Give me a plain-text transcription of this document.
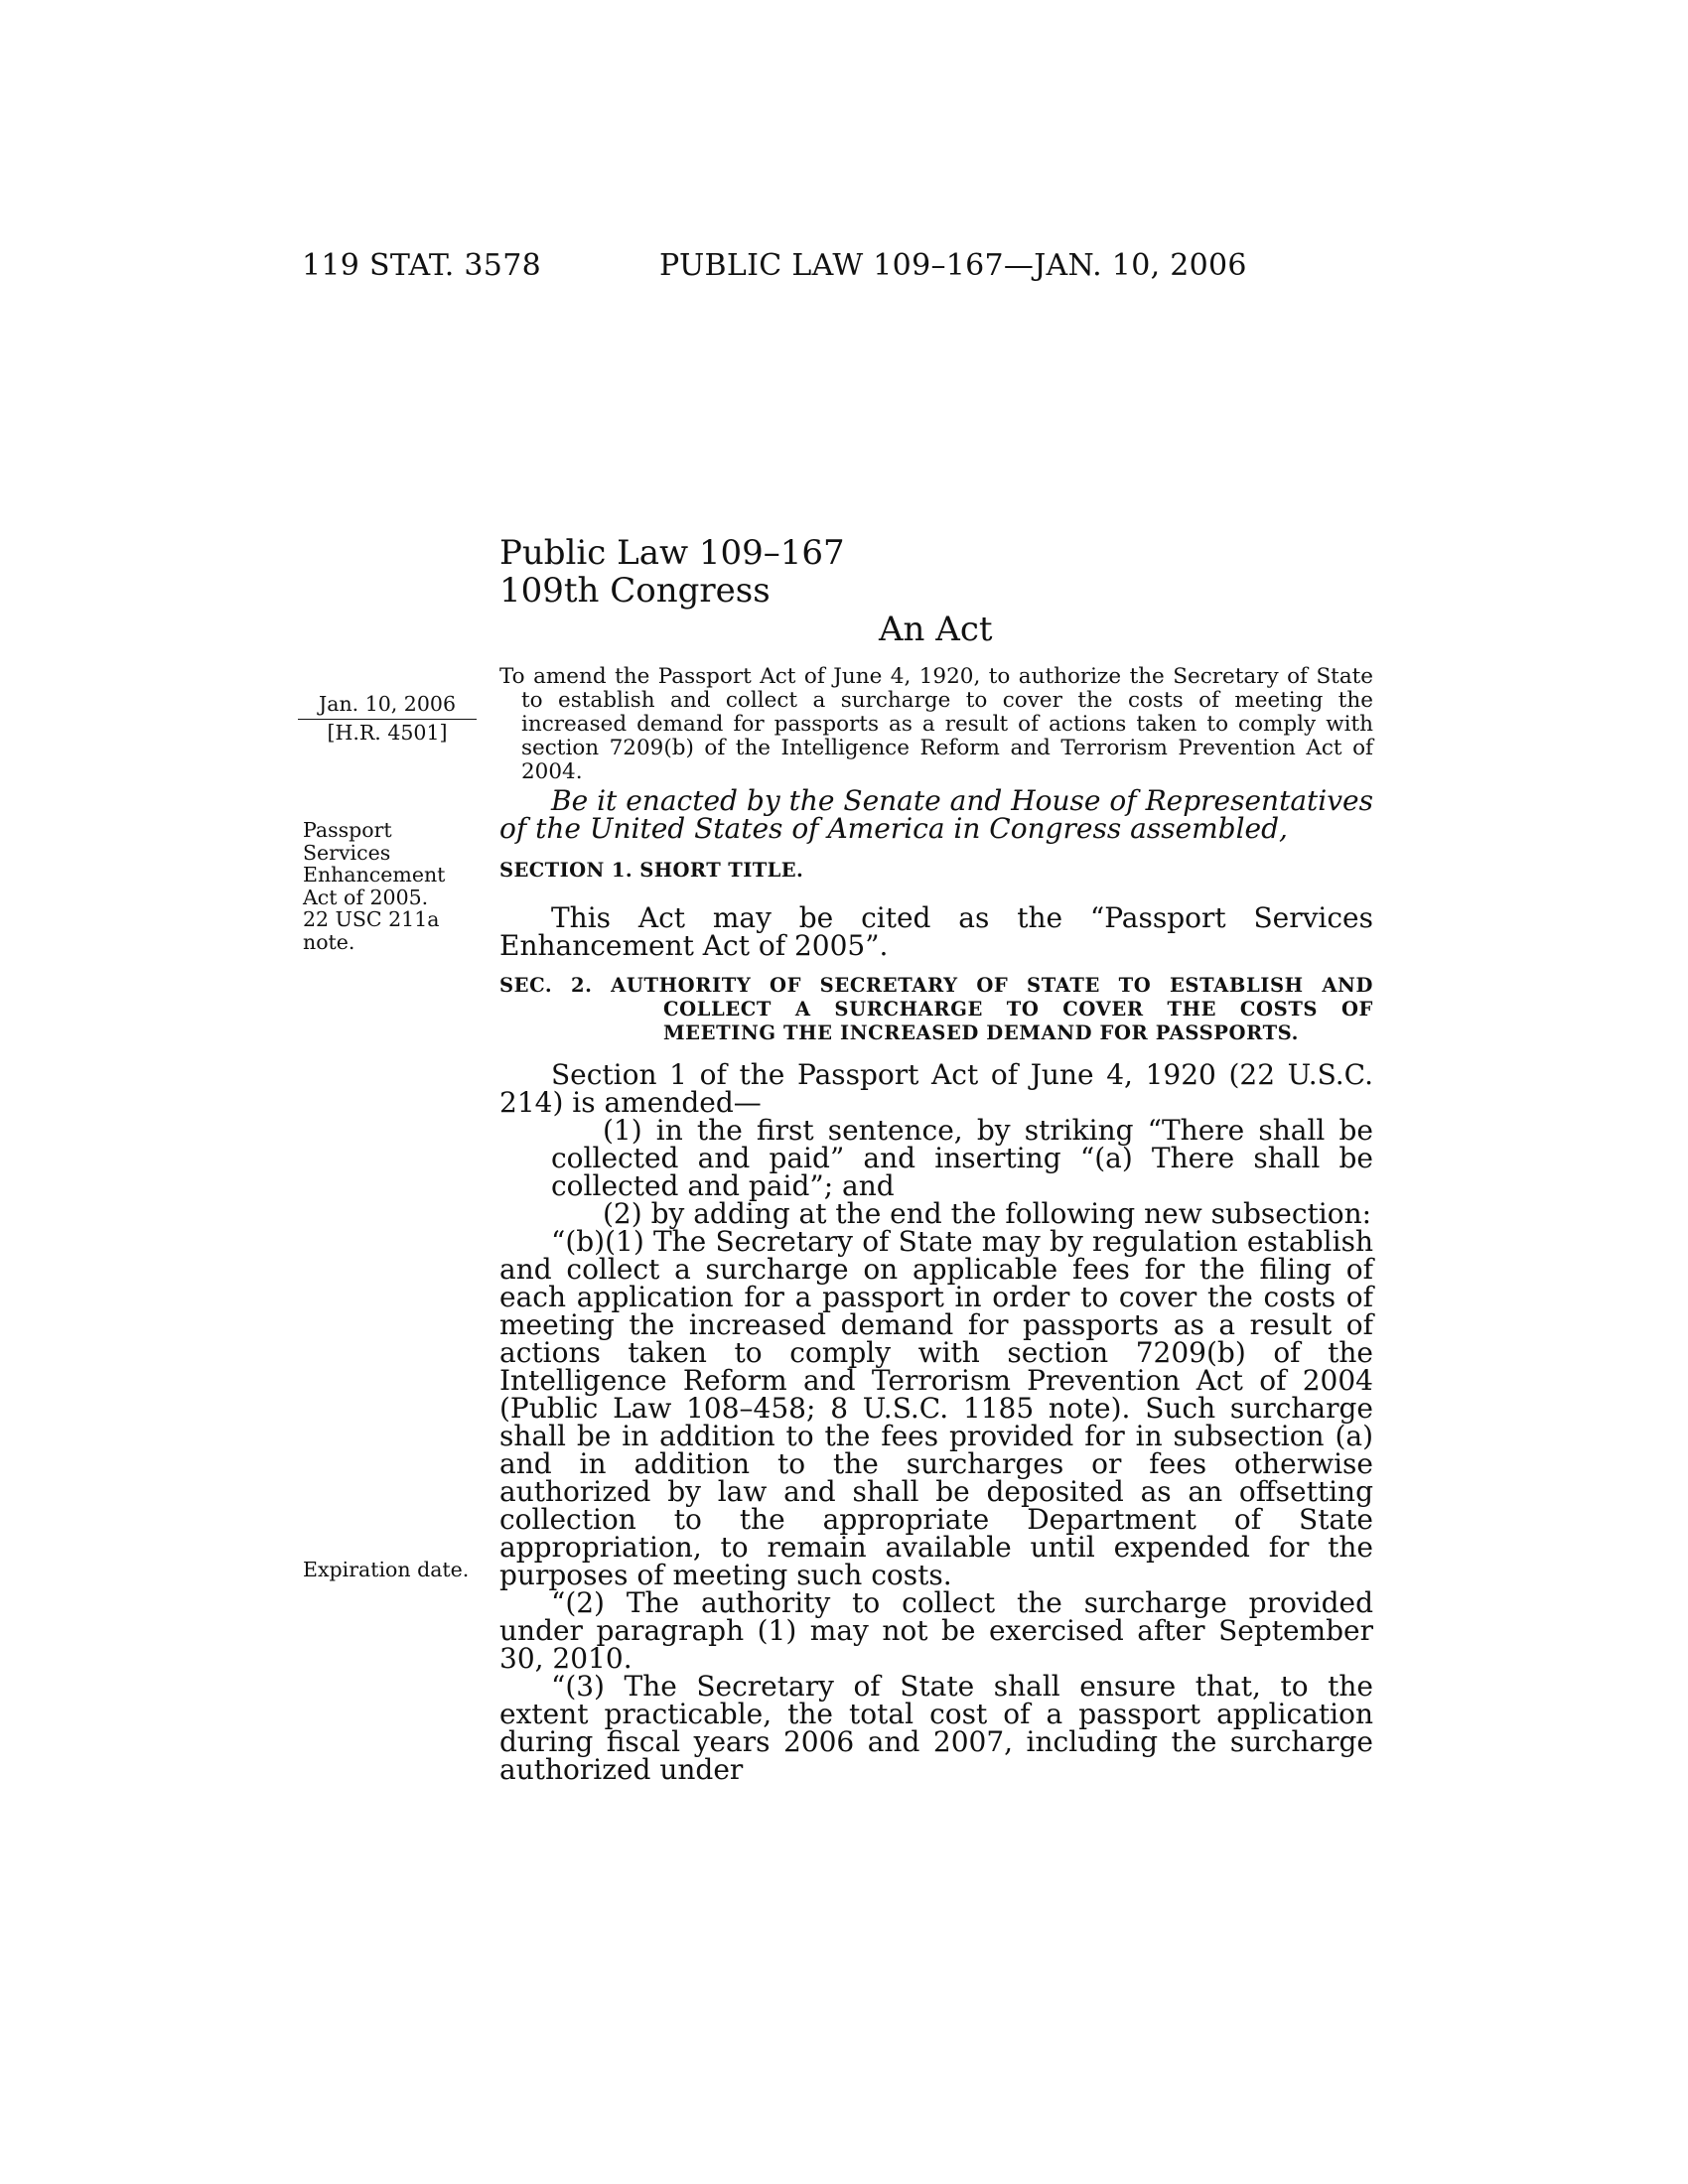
119 STAT. 3578	PUBLIC LAW 109–167—JAN. 10, 2006
Public Law 109–167
109th Congress
An Act
To amend the Passport Act of June 4, 1920, to authorize the Secretary of State to establish and collect a surcharge to cover the costs of meeting the increased demand for passports as a result of actions taken to comply with section 7209(b) of the Intelligence Reform and Terrorism Prevention Act of 2004.
Jan. 10, 2006
[H.R. 4501]
Passport Services Enhancement Act of 2005.
22 USC 211a note.
Expiration date.

Be it enacted by the Senate and House of Representatives of the United States of America in Congress assembled,

SECTION 1. SHORT TITLE.

This Act may be cited as the “Passport Services Enhancement Act of 2005”.

SEC. 2. AUTHORITY OF SECRETARY OF STATE TO ESTABLISH AND COLLECT A SURCHARGE TO COVER THE COSTS OF MEETING THE INCREASED DEMAND FOR PASSPORTS.

Section 1 of the Passport Act of June 4, 1920 (22 U.S.C. 214) is amended—

(1) in the first sentence, by striking “There shall be collected and paid” and inserting “(a) There shall be collected and paid”; and

(2) by adding at the end the following new subsection:

“(b)(1) The Secretary of State may by regulation establish and collect a surcharge on applicable fees for the filing of each application for a passport in order to cover the costs of meeting the increased demand for passports as a result of actions taken to comply with section 7209(b) of the Intelligence Reform and Terrorism Prevention Act of 2004 (Public Law 108–458; 8 U.S.C. 1185 note). Such surcharge shall be in addition to the fees provided for in subsection (a) and in addition to the surcharges or fees otherwise authorized by law and shall be deposited as an offsetting collection to the appropriate Department of State appropriation, to remain available until expended for the purposes of meeting such costs.

“(2) The authority to collect the surcharge provided under paragraph (1) may not be exercised after September 30, 2010.

“(3) The Secretary of State shall ensure that, to the extent practicable, the total cost of a passport application during fiscal years 2006 and 2007, including the surcharge authorized under
